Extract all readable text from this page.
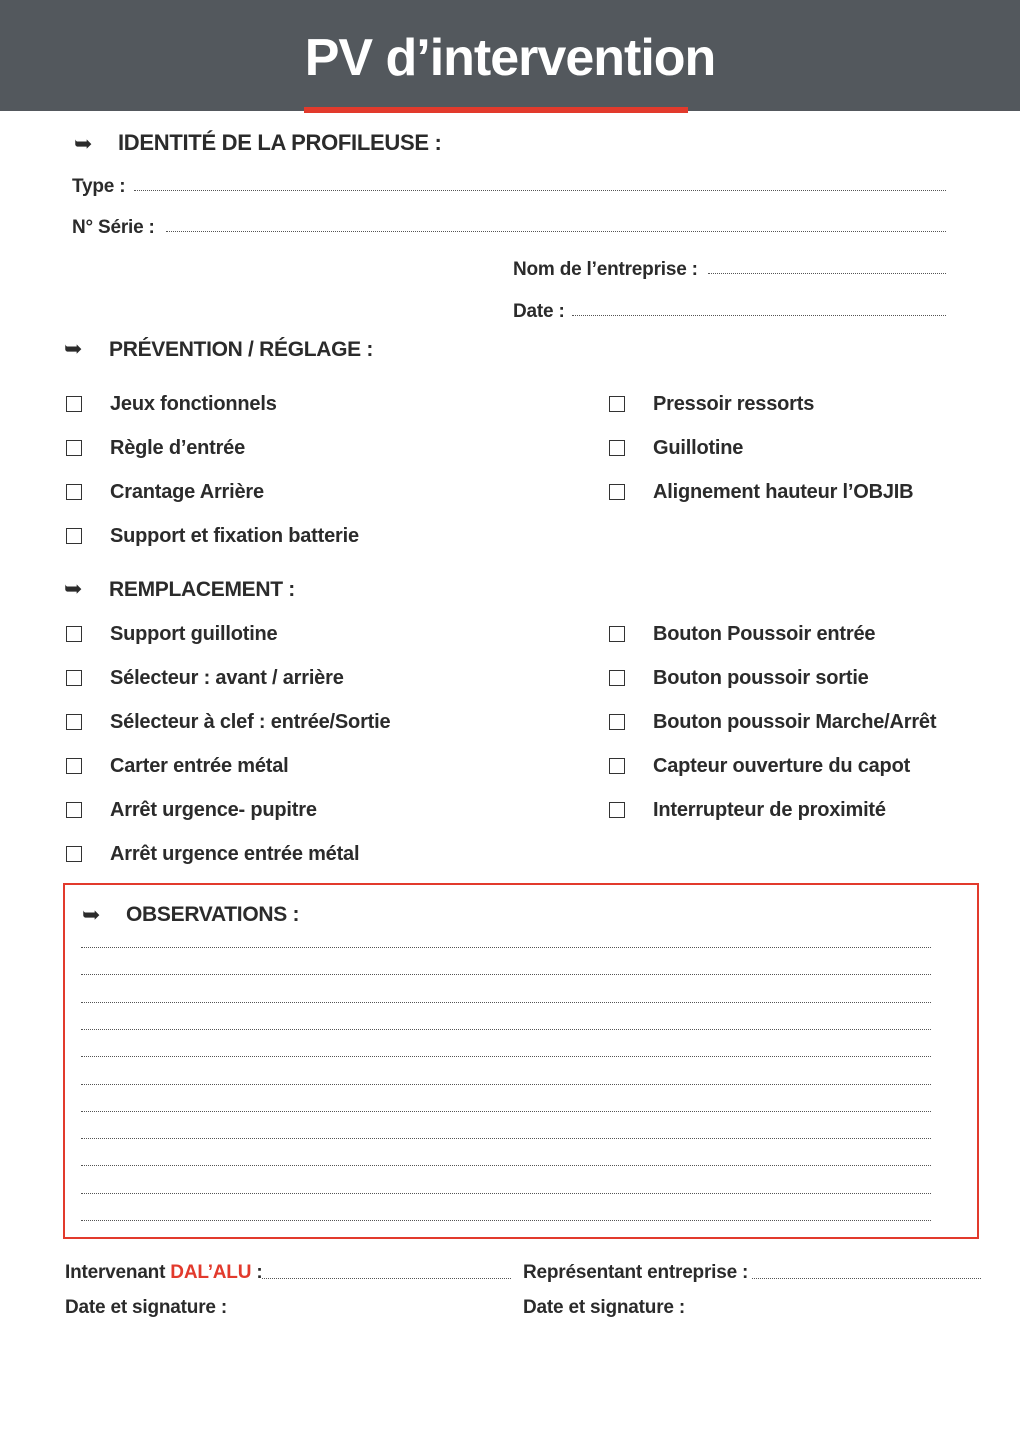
PV d’intervention
➥ IDENTITÉ DE LA PROFILEUSE :
Type :
N° Série :
Nom de l’entreprise :
Date :
➥ PRÉVENTION / RÉGLAGE :
➥ REMPLACEMENT :
Jeux fonctionnels
Règle d’entrée
Crantage Arrière
Support et fixation batterie
Pressoir ressorts
Guillotine
Alignement hauteur l’OBJIB
Support guillotine
Sélecteur : avant / arrière
Sélecteur à clef : entrée/Sortie
Carter entrée métal
Arrêt urgence- pupitre
Arrêt urgence entrée métal
Bouton Poussoir entrée
Bouton poussoir sortie
Bouton poussoir Marche/Arrêt
Capteur ouverture du capot
Interrupteur de proximité
➥ OBSERVATIONS :
Intervenant DAL’ALU :
Date et signature :
Représentant entreprise :
Date et signature :
